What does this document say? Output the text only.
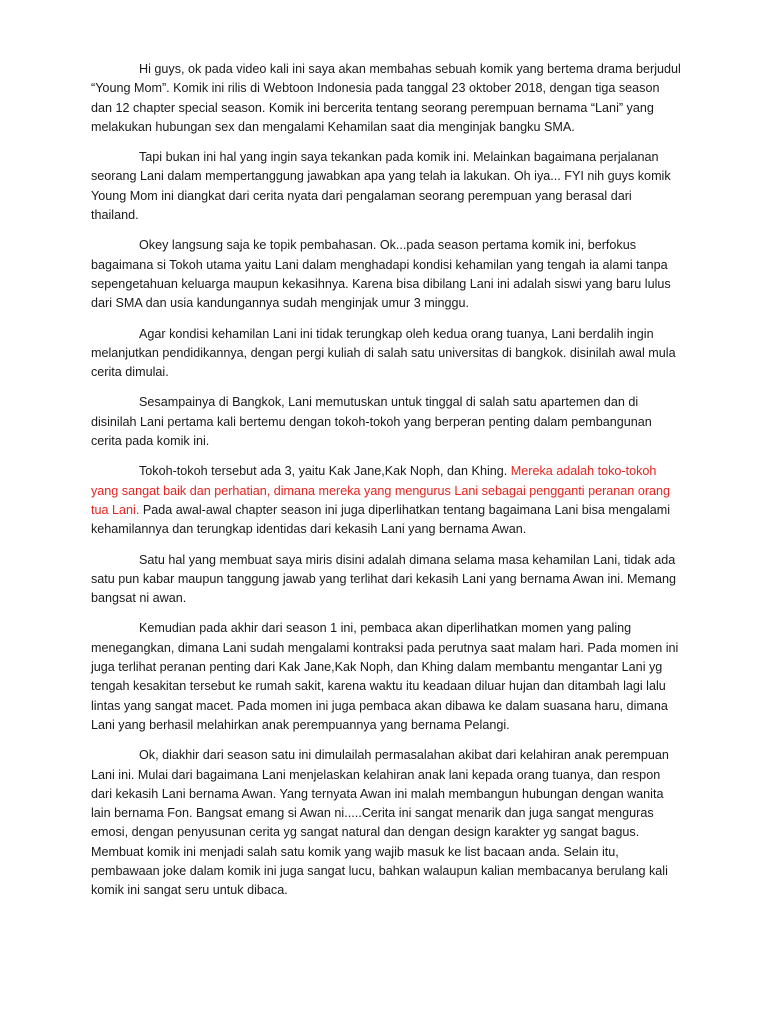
Hi guys, ok pada video kali ini saya akan membahas sebuah komik yang bertema drama berjudul “Young Mom”. Komik ini rilis di Webtoon Indonesia pada tanggal 23 oktober 2018, dengan tiga season dan 12 chapter special season. Komik ini bercerita tentang seorang perempuan bernama “Lani” yang melakukan hubungan sex dan mengalami Kehamilan saat dia menginjak bangku SMA.

Tapi bukan ini hal yang ingin saya tekankan pada komik ini. Melainkan bagaimana perjalanan seorang Lani dalam mempertanggung jawabkan apa yang telah ia lakukan. Oh iya... FYI nih guys komik Young Mom ini diangkat dari cerita nyata dari pengalaman seorang perempuan yang berasal dari thailand.

Okey langsung saja ke topik pembahasan. Ok...pada season pertama komik ini, berfokus bagaimana si Tokoh utama yaitu Lani dalam menghadapi kondisi kehamilan yang tengah ia alami tanpa sepengetahuan keluarga maupun kekasihnya. Karena bisa dibilang Lani ini adalah siswi yang baru lulus dari SMA dan usia kandungannya sudah menginjak umur 3 minggu.

Agar kondisi kehamilan Lani ini tidak terungkap oleh kedua orang tuanya, Lani berdalih ingin melanjutkan pendidikannya, dengan pergi kuliah di salah satu universitas di bangkok. disinilah awal mula cerita dimulai.

Sesampainya di Bangkok, Lani memutuskan untuk tinggal di salah satu apartemen dan di disinilah Lani pertama kali bertemu dengan tokoh-tokoh yang berperan penting dalam pembangunan cerita pada komik ini.

Tokoh-tokoh tersebut ada 3, yaitu Kak Jane,Kak Noph, dan Khing. Mereka adalah toko-tokoh yang sangat baik dan perhatian, dimana mereka yang mengurus Lani sebagai pengganti peranan orang tua Lani. Pada awal-awal chapter season ini juga diperlihatkan tentang bagaimana Lani bisa mengalami kehamilannya dan terungkap identidas dari kekasih Lani yang bernama Awan.

Satu hal yang membuat saya miris disini adalah dimana selama masa kehamilan Lani, tidak ada satu pun kabar maupun tanggung jawab yang terlihat dari kekasih Lani yang bernama Awan ini. Memang bangsat ni awan.

Kemudian pada akhir dari season 1 ini, pembaca akan diperlihatkan momen yang paling menegangkan, dimana Lani sudah mengalami kontraksi pada perutnya saat malam hari. Pada momen ini juga terlihat peranan penting dari Kak Jane,Kak Noph, dan Khing dalam membantu mengantar Lani yg tengah kesakitan tersebut ke rumah sakit, karena waktu itu keadaan diluar hujan dan ditambah lagi lalu lintas yang sangat macet. Pada momen ini juga pembaca akan dibawa ke dalam suasana haru, dimana Lani yang berhasil melahirkan anak perempuannya yang bernama Pelangi.

Ok, diakhir dari season satu ini dimulailah permasalahan akibat dari kelahiran anak perempuan Lani ini. Mulai dari bagaimana Lani menjelaskan kelahiran anak lani kepada orang tuanya, dan respon dari kekasih Lani bernama Awan. Yang ternyata Awan ini malah membangun hubungan dengan wanita lain bernama Fon. Bangsat emang si Awan ni.....Cerita ini sangat menarik dan juga sangat menguras emosi, dengan penyusunan cerita yg sangat natural dan dengan design karakter yg sangat bagus. Membuat komik ini menjadi salah satu komik yang wajib masuk ke list bacaan anda. Selain itu, pembawaan joke dalam komik ini juga sangat lucu, bahkan walaupun kalian membacanya berulang kali komik ini sangat seru untuk dibaca.
